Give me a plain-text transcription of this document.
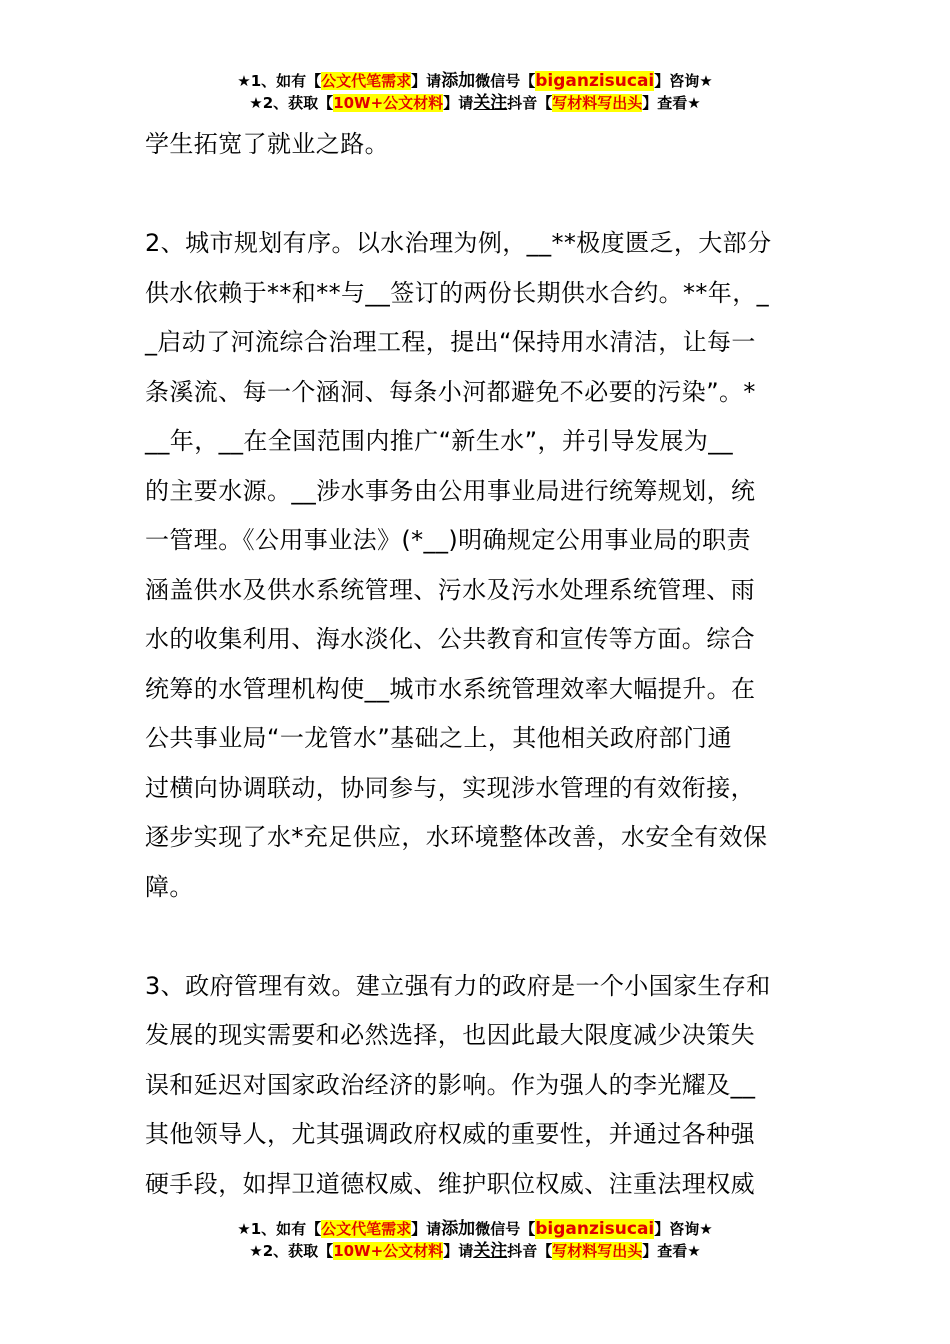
★1、如有【公文代笔需求】请添加微信号【biganzisucai】咨询★
★2、获取【10W+公文材料】请关注抖音【写材料写出头】查看★

学生拓宽了就业之路。

2、城市规划有序。以水治理为例，__**极度匮乏，大部分

供水依赖于**和**与__签订的两份长期供水合约。**年，_

_启动了河流综合治理工程，提出“保持用水清洁，让每一

条溪流、每一个涵洞、每条小河都避免不必要的污染”。*

__年，__在全国范围内推广“新生水”，并引导发展为__

的主要水源。__涉水事务由公用事业局进行统筹规划，统

一管理。《公用事业法》(*__)明确规定公用事业局的职责

涵盖供水及供水系统管理、污水及污水处理系统管理、雨

水的收集利用、海水淡化、公共教育和宣传等方面。综合

统筹的水管理机构使__城市水系统管理效率大幅提升。在

公共事业局“一龙管水”基础之上，其他相关政府部门通

过横向协调联动，协同参与，实现涉水管理的有效衔接，

逐步实现了水*充足供应，水环境整体改善，水安全有效保

障。

3、政府管理有效。建立强有力的政府是一个小国家生存和

发展的现实需要和必然选择，也因此最大限度减少决策失

误和延迟对国家政治经济的影响。作为强人的李光耀及__

其他领导人，尤其强调政府权威的重要性，并通过各种强

硬手段，如捍卫道德权威、维护职位权威、注重法理权威

★1、如有【公文代笔需求】请添加微信号【biganzisucai】咨询★
★2、获取【10W+公文材料】请关注抖音【写材料写出头】查看★
